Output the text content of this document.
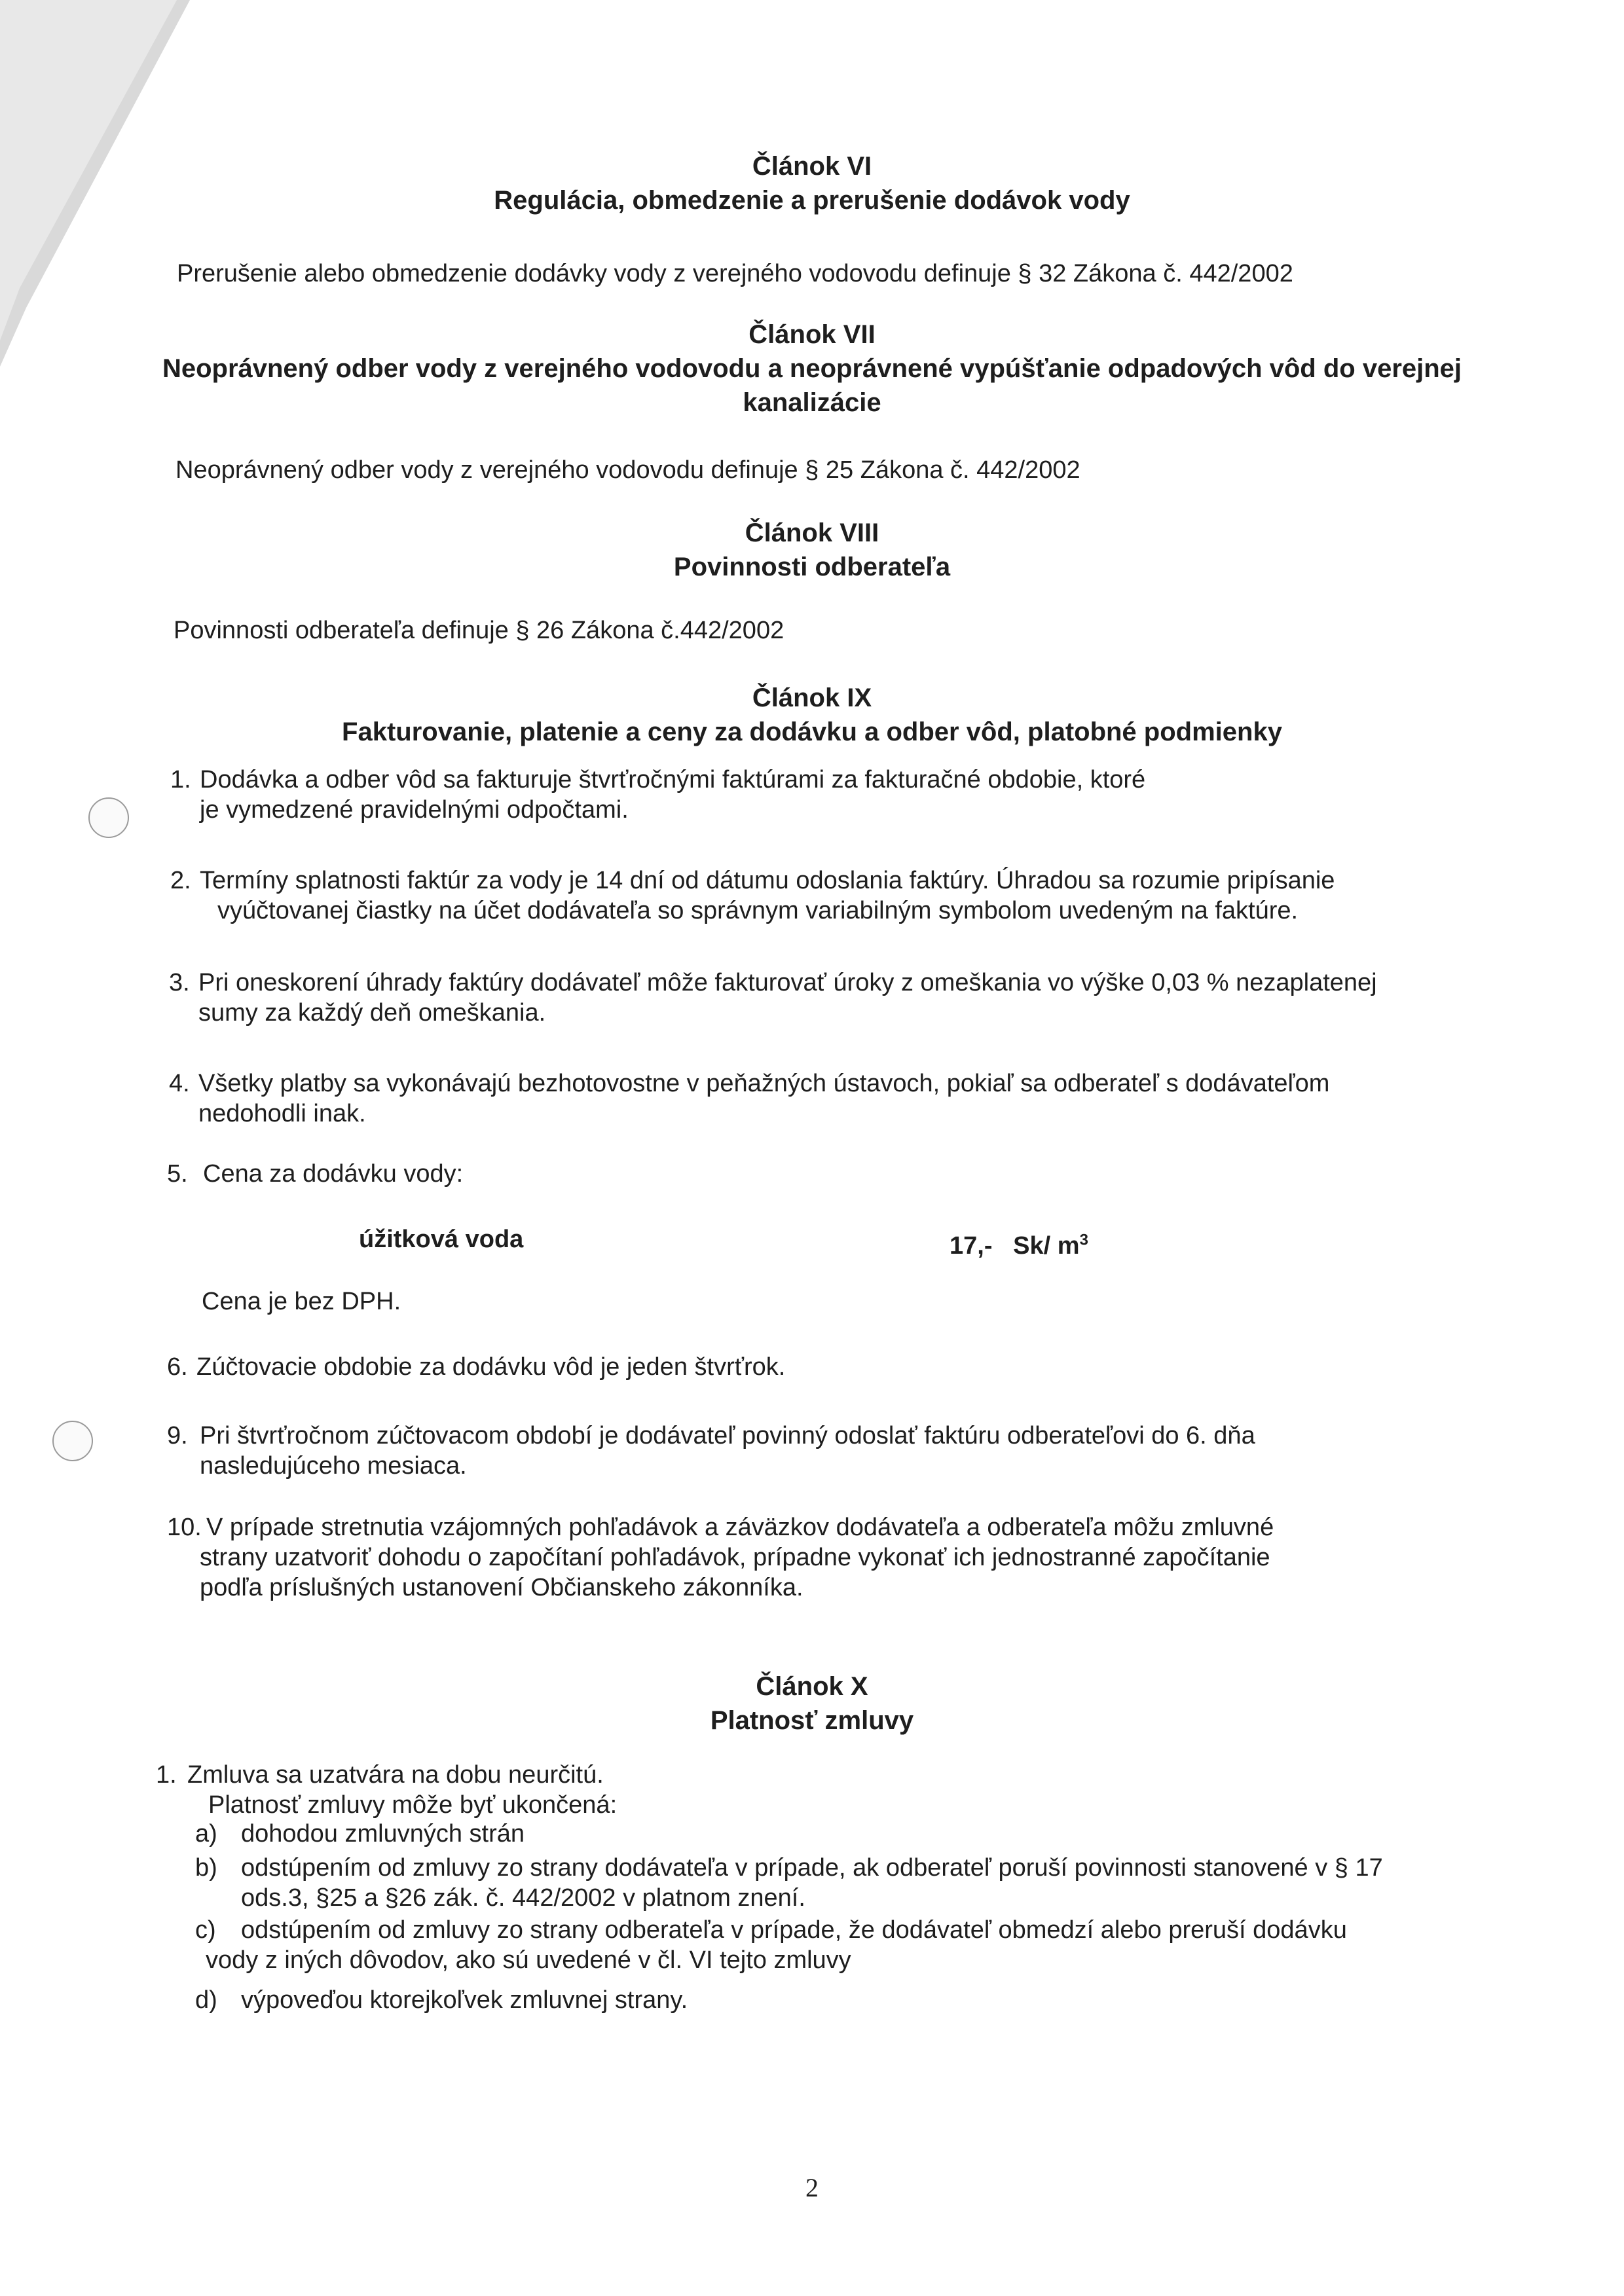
Článok VI
Regulácia, obmedzenie a prerušenie dodávok vody

Prerušenie alebo obmedzenie dodávky vody z verejného vodovodu definuje § 32 Zákona č. 442/2002

Článok VII
Neoprávnený odber vody z verejného vodovodu a neoprávnené vypúšťanie odpadových vôd do verejnej
kanalizácie

Neoprávnený odber vody z verejného vodovodu definuje § 25 Zákona č. 442/2002

Článok VIII
Povinnosti odberateľa

Povinnosti odberateľa definuje § 26 Zákona č.442/2002

Článok IX
Fakturovanie, platenie a ceny za dodávku a odber vôd, platobné podmienky
1. Dodávka a odber vôd sa fakturuje štvrťročnými faktúrami za fakturačné obdobie, ktoré
je vymedzené pravidelnými odpočtami.
2. Termíny splatnosti faktúr za vody je 14 dní od dátumu odoslania faktúry. Úhradou sa rozumie pripísanie
vyúčtovanej čiastky na účet dodávateľa so správnym variabilným symbolom uvedeným na faktúre.
3. Pri oneskorení úhrady faktúry dodávateľ môže fakturovať úroky z omeškania vo výške 0,03 % nezaplatenej
sumy za každý deň omeškania.
4. Všetky platby sa vykonávajú bezhotovostne v peňažných ústavoch, pokiaľ sa odberateľ s dodávateľom
nedohodli inak.
5. Cena za dodávku vody:
úžitková voda	17,- Sk/ $m^3$

Cena je bez DPH.

6. Zúčtovacie obdobie za dodávku vôd je jeden štvrťrok.
9. Pri štvrťročnom zúčtovacom období je dodávateľ povinný odoslať faktúru odberateľovi do 6. dňa
nasledujúceho mesiaca.
10. V prípade stretnutia vzájomných pohľadávok a záväzkov dodávateľa a odberateľa môžu zmluvné
strany uzatvoriť dohodu o započítaní pohľadávok, prípadne vykonať ich jednostranné započítanie
podľa príslušných ustanovení Občianskeho zákonníka.
Článok X
Platnosť zmluvy
1. Zmluva sa uzatvára na dobu neurčitú.
Platnosť zmluvy môže byť ukončená:
a) dohodou zmluvných strán
b) odstúpením od zmluvy zo strany dodávateľa v prípade, ak odberateľ poruší povinnosti stanovené v § 17
ods.3, §25 a §26 zák. č. 442/2002 v platnom znení.
c) odstúpením od zmluvy zo strany odberateľa v prípade, že dodávateľ obmedzí alebo preruší dodávku
vody z iných dôvodov, ako sú uvedené v čl. VI tejto zmluvy
d) výpoveďou ktorejkoľvek zmluvnej strany.
2
